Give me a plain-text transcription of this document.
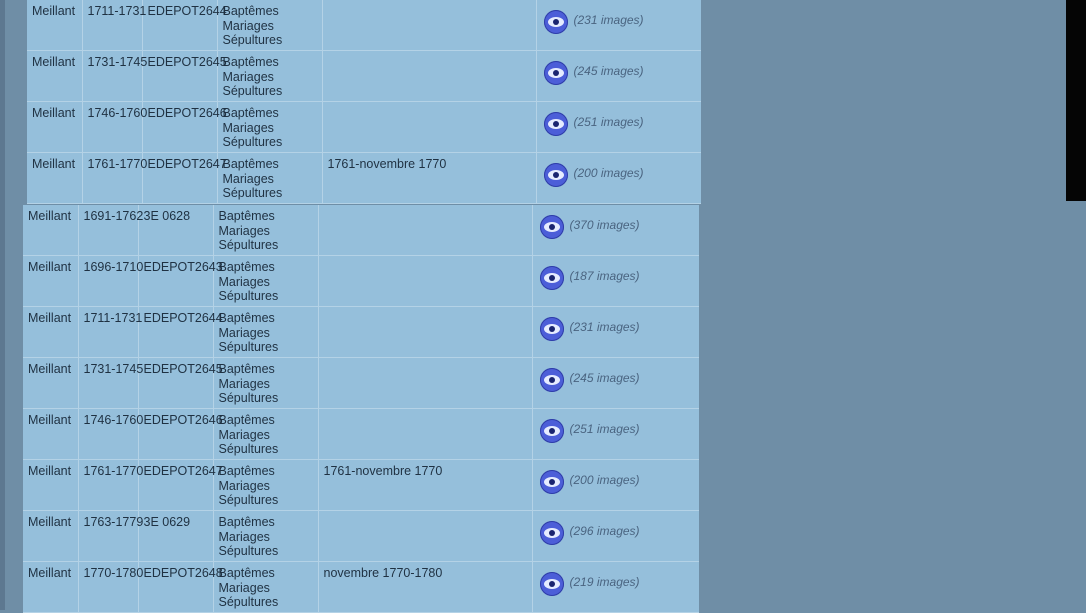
Meillant	1711-1731	EDEPOT2644	Baptêmes
Mariages
Sépultures		(231 images)

Meillant	1731-1745	EDEPOT2645	Baptêmes
Mariages
Sépultures		(245 images)

Meillant	1746-1760	EDEPOT2646	Baptêmes
Mariages
Sépultures		(251 images)

Meillant	1761-1770	EDEPOT2647	Baptêmes
Mariages
Sépultures	1761-novembre 1770	(200 images)
Meillant	1691-1762	3E 0628	Baptêmes
Mariages
Sépultures		(370 images)

Meillant	1696-1710	EDEPOT2643	Baptêmes
Mariages
Sépultures		(187 images)

Meillant	1711-1731	EDEPOT2644	Baptêmes
Mariages
Sépultures		(231 images)

Meillant	1731-1745	EDEPOT2645	Baptêmes
Mariages
Sépultures		(245 images)

Meillant	1746-1760	EDEPOT2646	Baptêmes
Mariages
Sépultures		(251 images)

Meillant	1761-1770	EDEPOT2647	Baptêmes
Mariages
Sépultures	1761-novembre 1770	(200 images)

Meillant	1763-1779	3E 0629	Baptêmes
Mariages
Sépultures		(296 images)

Meillant	1770-1780	EDEPOT2648	Baptêmes
Mariages
Sépultures	novembre 1770-1780	(219 images)
